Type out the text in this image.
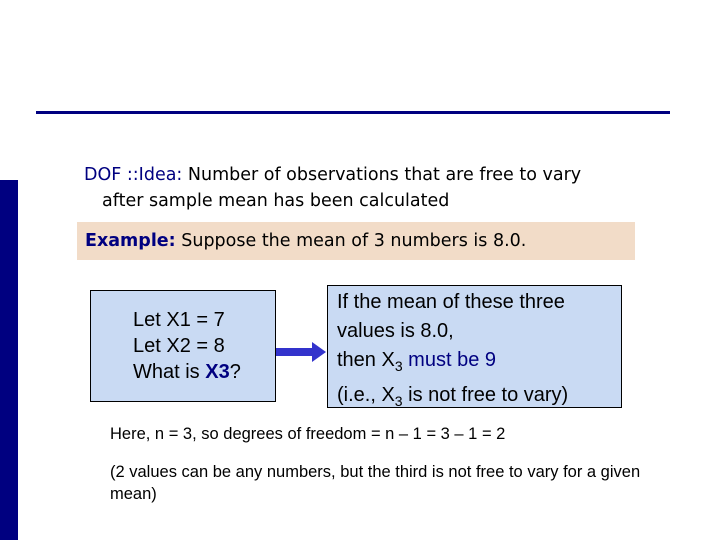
DOF ::Idea: Number of observations that are free to vary
after sample mean has been calculated
Example: Suppose the mean of 3 numbers is 8.0.
Let X1 = 7
Let X2 = 8
What is X3?
If the mean of these three
values is 8.0,
then $X_3$ must be 9
(i.e., $X_3$ is not free to vary)
Here, n = 3, so degrees of freedom = n – 1 = 3 – 1 = 2
(2 values can be any numbers, but the third is not free to vary for a given mean)
